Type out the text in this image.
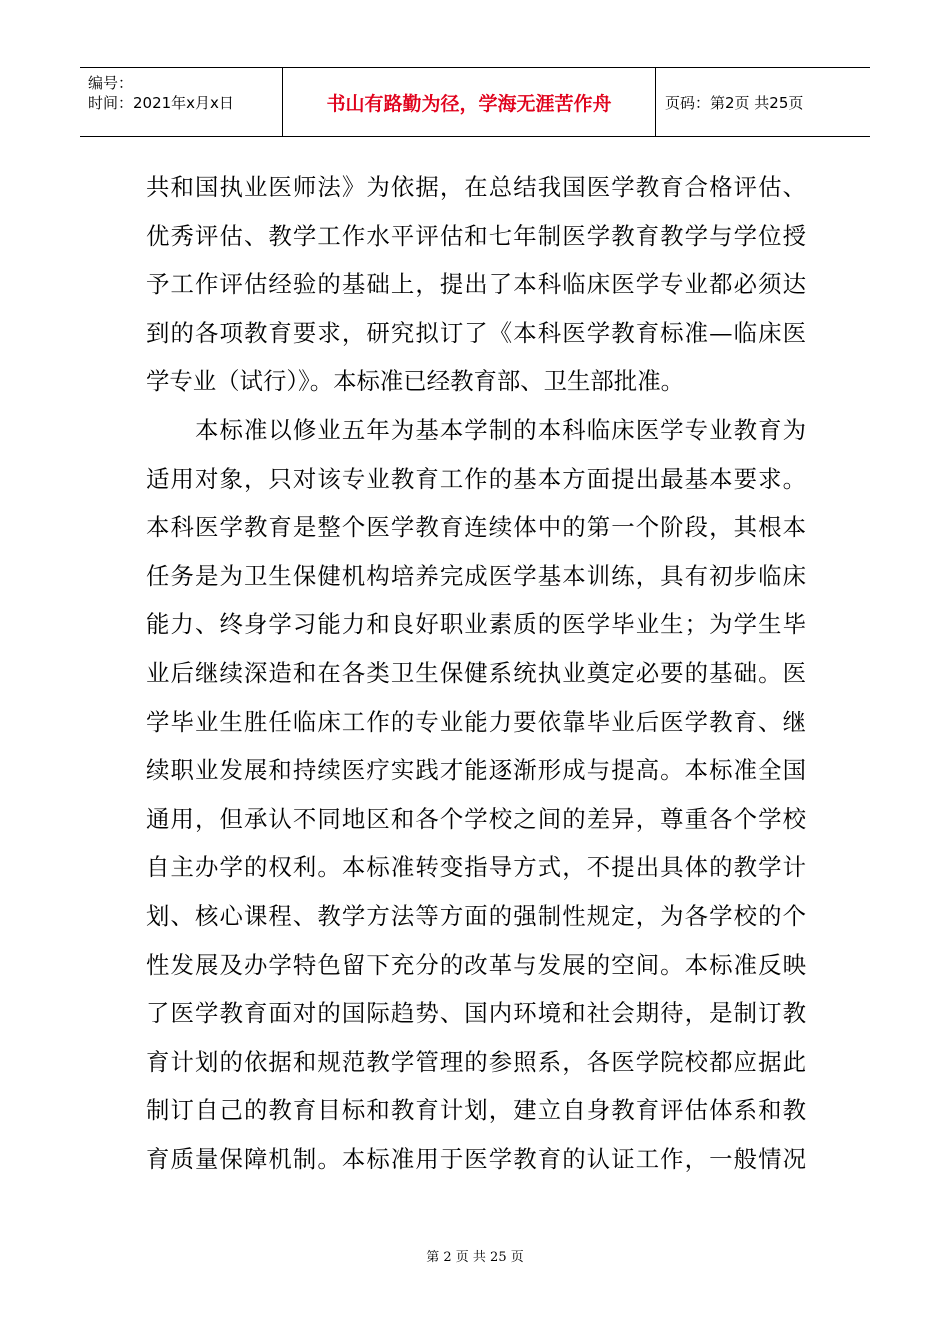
编号：
时间：2021年x月x日	书山有路勤为径，学海无涯苦作舟	页码：第2页 共25页
共和国执业医师法》为依据，在总结我国医学教育合格评估、
优秀评估、教学工作水平评估和七年制医学教育教学与学位授
予工作评估经验的基础上，提出了本科临床医学专业都必须达
到的各项教育要求，研究拟订了《本科医学教育标准—临床医
学专业（试行）》。本标准已经教育部、卫生部批准。
　　本标准以修业五年为基本学制的本科临床医学专业教育为
适用对象，只对该专业教育工作的基本方面提出最基本要求。
本科医学教育是整个医学教育连续体中的第一个阶段，其根本
任务是为卫生保健机构培养完成医学基本训练，具有初步临床
能力、终身学习能力和良好职业素质的医学毕业生；为学生毕
业后继续深造和在各类卫生保健系统执业奠定必要的基础。医
学毕业生胜任临床工作的专业能力要依靠毕业后医学教育、继
续职业发展和持续医疗实践才能逐渐形成与提高。本标准全国
通用，但承认不同地区和各个学校之间的差异，尊重各个学校
自主办学的权利。本标准转变指导方式，不提出具体的教学计
划、核心课程、教学方法等方面的强制性规定，为各学校的个
性发展及办学特色留下充分的改革与发展的空间。本标准反映
了医学教育面对的国际趋势、国内环境和社会期待，是制订教
育计划的依据和规范教学管理的参照系，各医学院校都应据此
制订自己的教育目标和教育计划，建立自身教育评估体系和教
育质量保障机制。本标准用于医学教育的认证工作，一般情况
第 2 页 共 25 页
